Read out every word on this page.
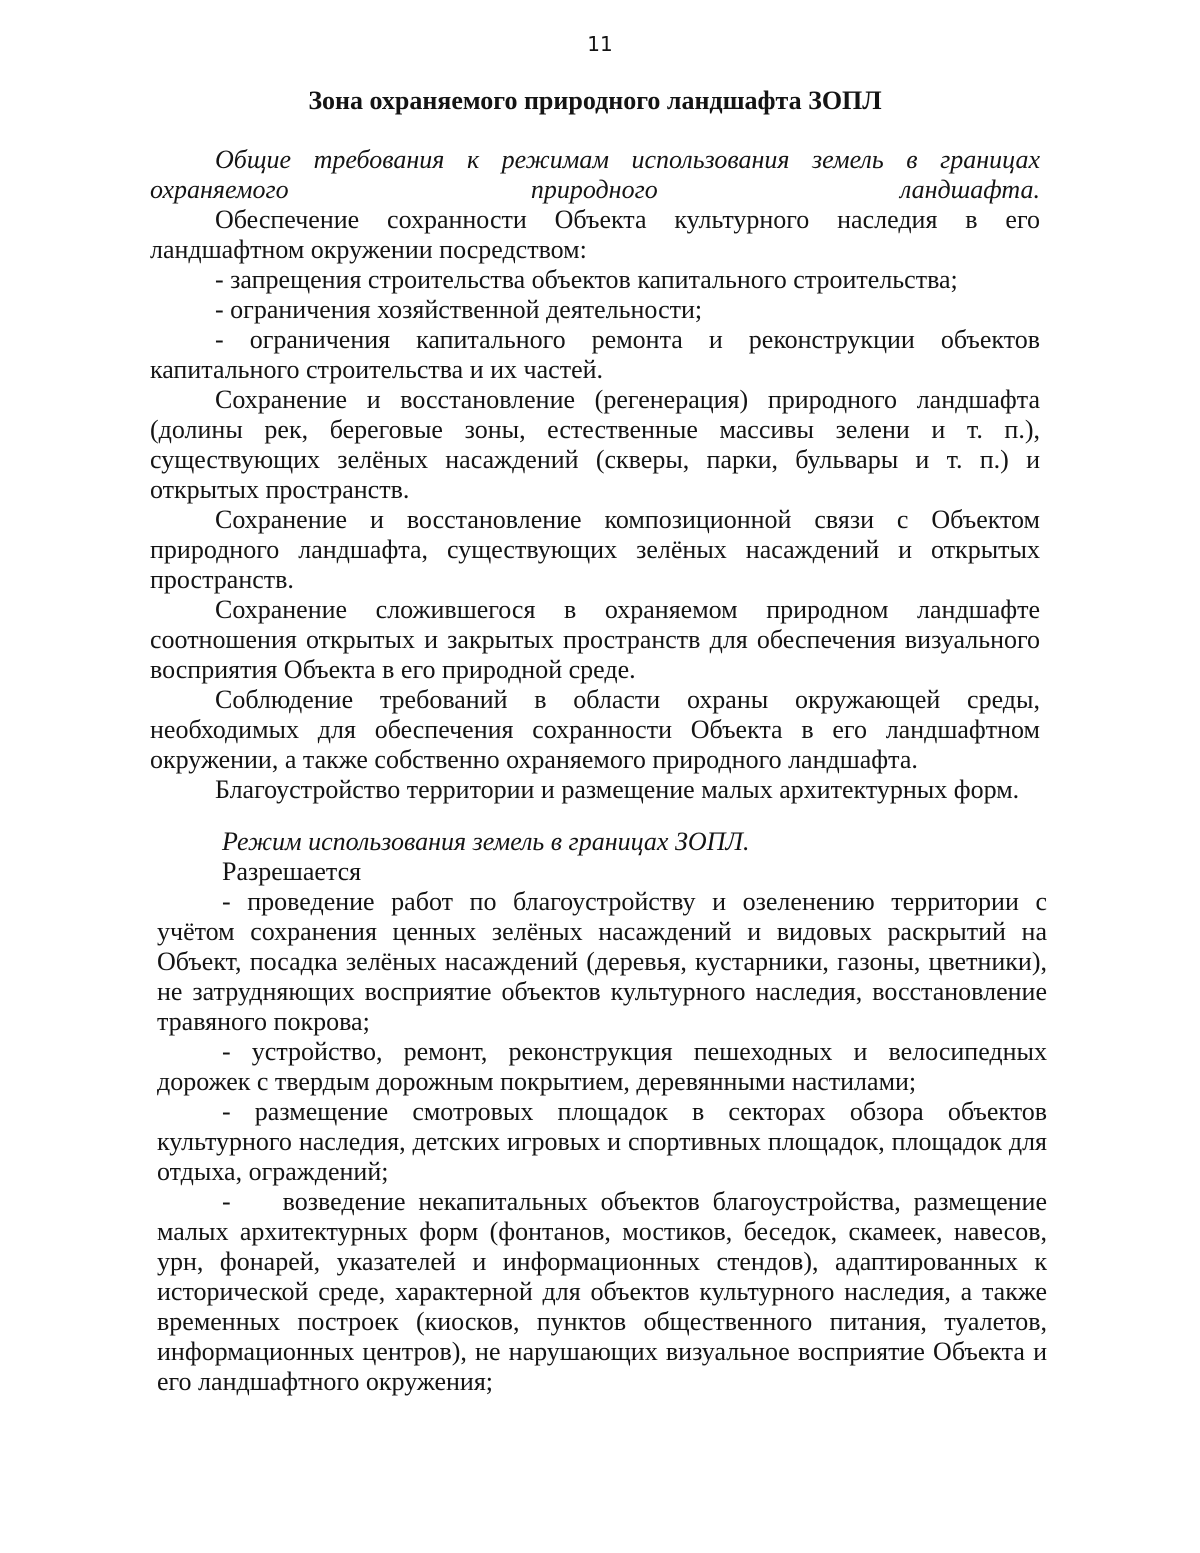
11
Зона охраняемого природного ландшафта ЗОПЛ

Общие требования к режимам использования земель в границах охраняемого природного ландшафта.

Обеспечение сохранности Объекта культурного наследия в его ландшафтном окружении посредством:

- запрещения строительства объектов капитального строительства;

- ограничения хозяйственной деятельности;

- ограничения капитального ремонта и реконструкции объектов капитального строительства и их частей.

Сохранение и восстановление (регенерация) природного ландшафта (долины рек, береговые зоны, естественные массивы зелени и т. п.), существующих зелёных насаждений (скверы, парки, бульвары и т. п.) и открытых пространств.

Сохранение и восстановление композиционной связи с Объектом природного ландшафта, существующих зелёных насаждений и открытых пространств.

Сохранение сложившегося в охраняемом природном ландшафте соотношения открытых и закрытых пространств для обеспечения визуального восприятия Объекта в его природной среде.

Соблюдение требований в области охраны окружающей среды, необходимых для обеспечения сохранности Объекта в его ландшафтном окружении, а также собственно охраняемого природного ландшафта.

Благоустройство территории и размещение малых архитектурных форм.

Режим использования земель в границах ЗОПЛ.

Разрешается

- проведение работ по благоустройству и озеленению территории с учётом сохранения ценных зелёных насаждений и видовых раскрытий на Объект, посадка зелёных насаждений (деревья, кустарники, газоны, цветники), не затрудняющих восприятие объектов культурного наследия, восстановление травяного покрова;

- устройство, ремонт, реконструкция пешеходных и велосипедных дорожек с твердым дорожным покрытием, деревянными настилами;

- размещение смотровых площадок в секторах обзора объектов культурного наследия, детских игровых и спортивных площадок, площадок для отдыха, ограждений;

-  возведение некапитальных объектов благоустройства, размещение малых архитектурных форм (фонтанов, мостиков, беседок, скамеек, навесов, урн, фонарей, указателей и информационных стендов), адаптированных к исторической среде, характерной для объектов культурного наследия, а также временных построек (киосков, пунктов общественного питания, туалетов, информационных центров), не нарушающих визуальное восприятие Объекта и его ландшафтного окружения;
